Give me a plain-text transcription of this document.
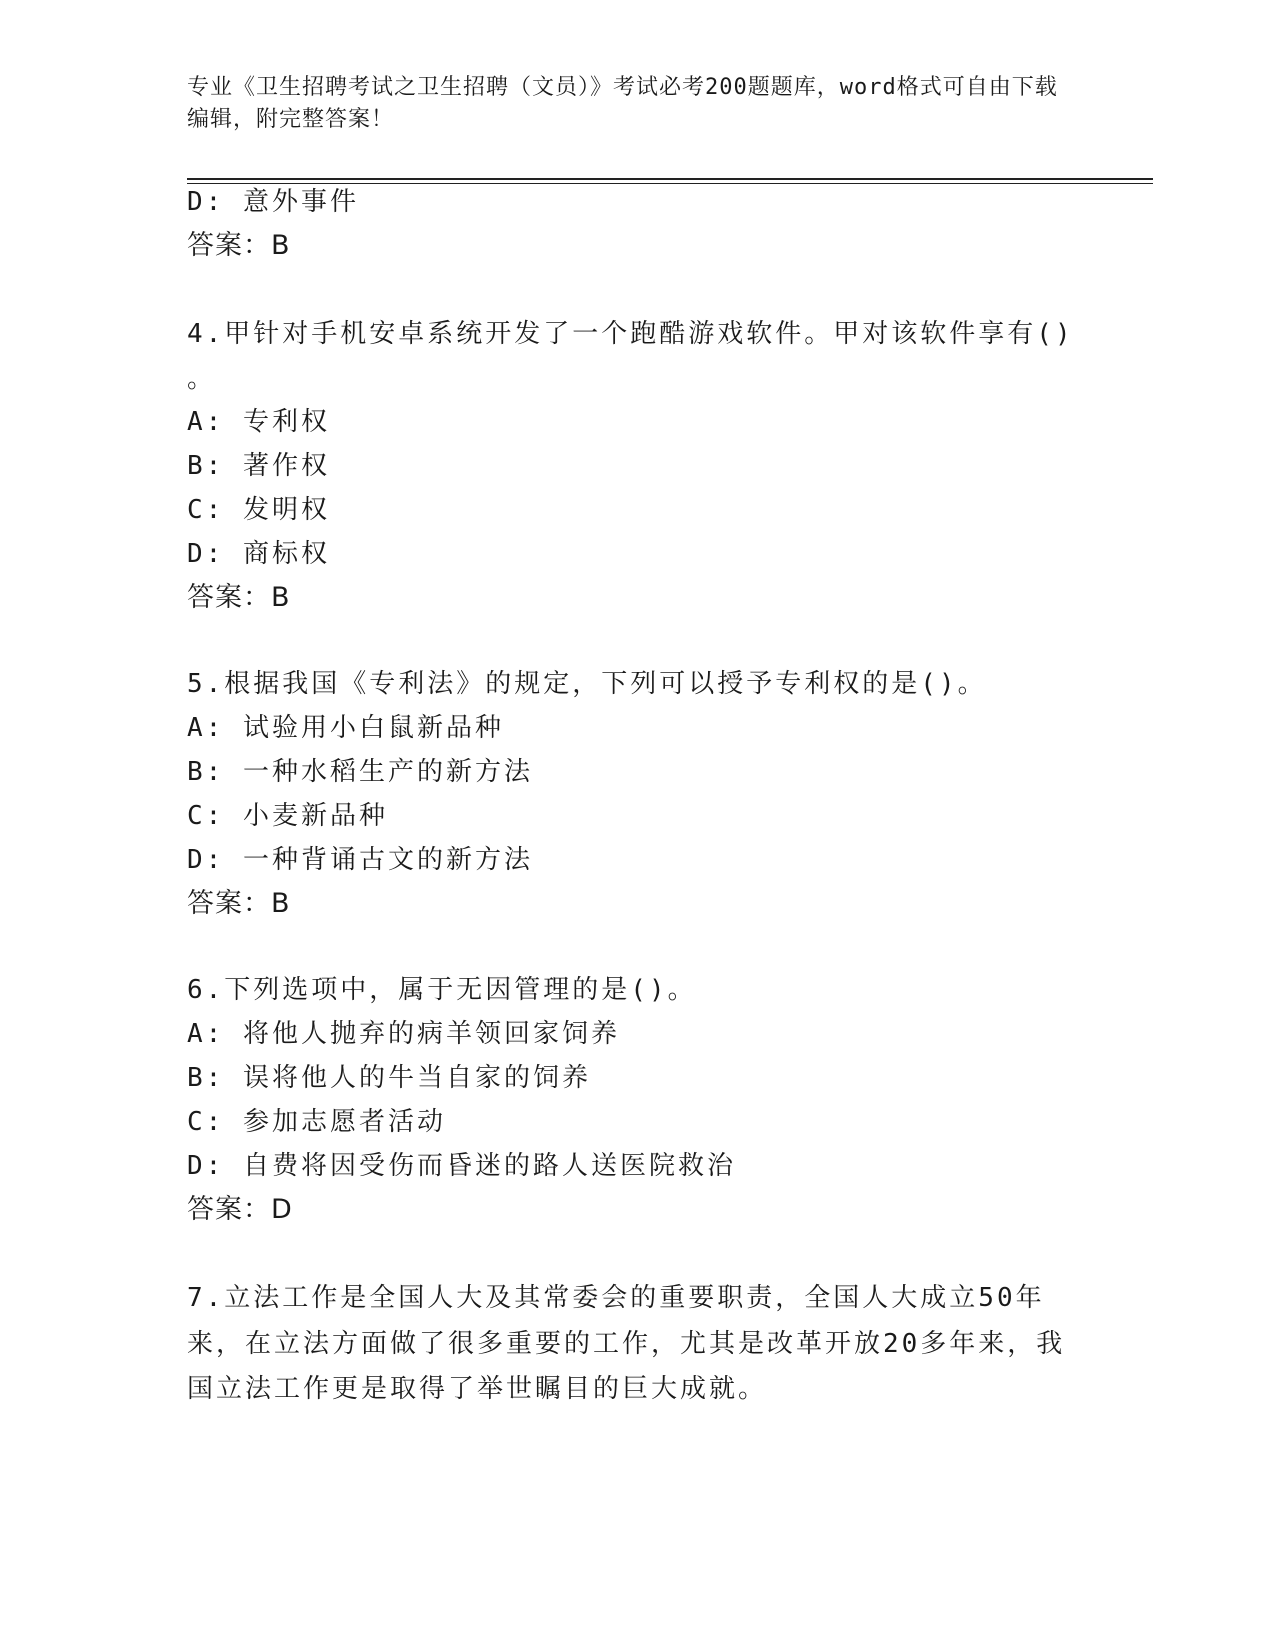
专业《卫生招聘考试之卫生招聘（文员）》考试必考200题题库，word格式可自由下载编辑，附完整答案！
D: 意外事件
答案：B
4.甲针对手机安卓系统开发了一个跑酷游戏软件。甲对该软件享有()
。
A: 专利权
B: 著作权
C: 发明权
D: 商标权
答案：B
5.根据我国《专利法》的规定，下列可以授予专利权的是()。
A: 试验用小白鼠新品种
B: 一种水稻生产的新方法
C: 小麦新品种
D: 一种背诵古文的新方法
答案：B
6.下列选项中，属于无因管理的是()。
A: 将他人抛弃的病羊领回家饲养
B: 误将他人的牛当自家的饲养
C: 参加志愿者活动
D: 自费将因受伤而昏迷的路人送医院救治
答案：D
7.立法工作是全国人大及其常委会的重要职责，全国人大成立50年来，在立法方面做了很多重要的工作，尤其是改革开放20多年来，我国立法工作更是取得了举世瞩目的巨大成就。
